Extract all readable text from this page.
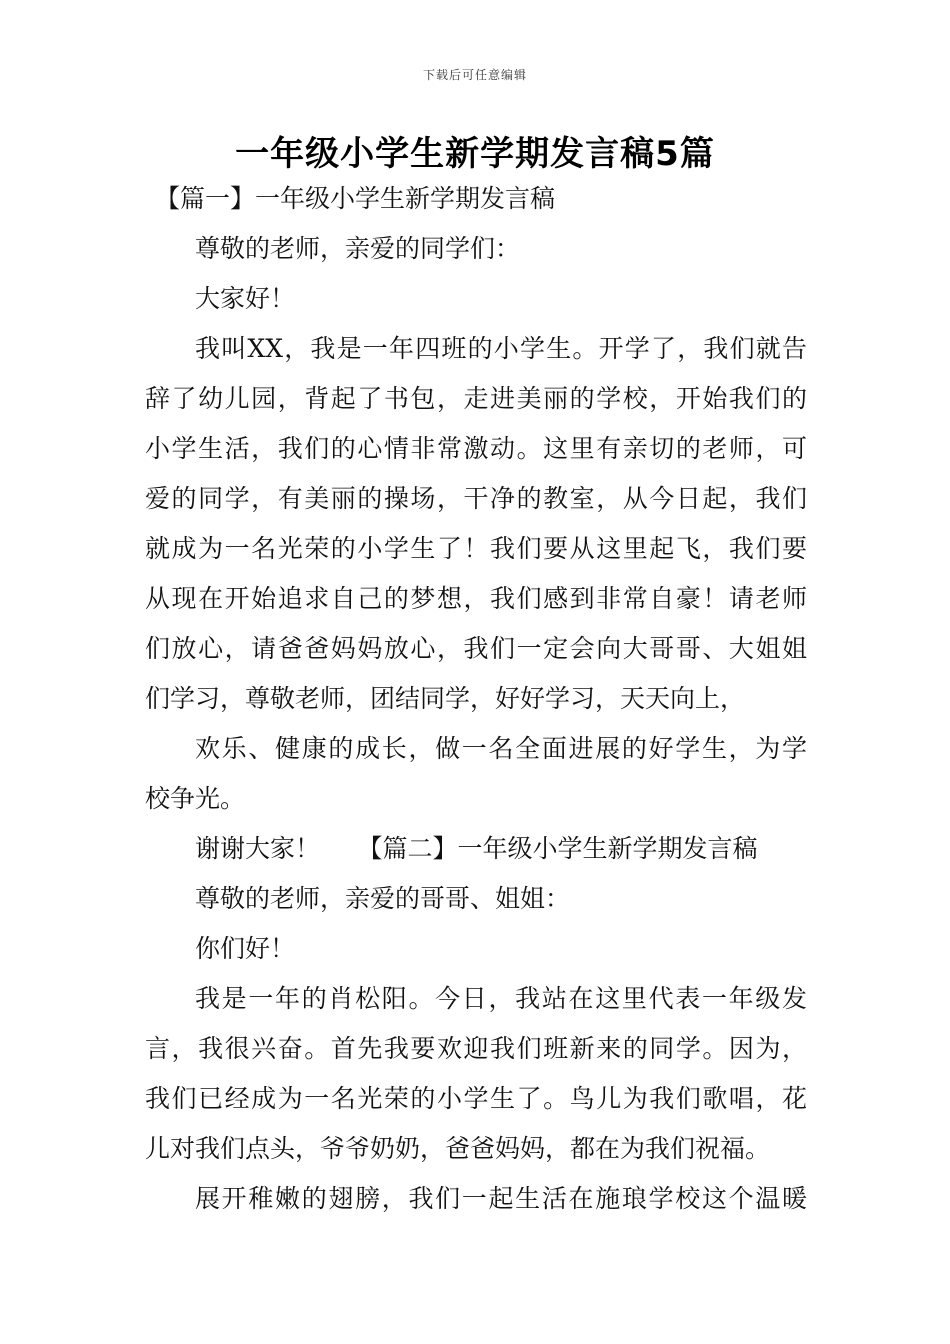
下载后可任意编辑
一年级小学生新学期发言稿5篇
【篇一】一年级小学生新学期发言稿
尊敬的老师，亲爱的同学们：
大家好！
我叫XX，我是一年四班的小学生。开学了，我们就告
辞了幼儿园，背起了书包，走进美丽的学校，开始我们的
小学生活，我们的心情非常激动。这里有亲切的老师，可
爱的同学，有美丽的操场，干净的教室，从今日起，我们
就成为一名光荣的小学生了！我们要从这里起飞，我们要
从现在开始追求自己的梦想，我们感到非常自豪！请老师
们放心，请爸爸妈妈放心，我们一定会向大哥哥、大姐姐
们学习，尊敬老师，团结同学，好好学习，天天向上，
欢乐、健康的成长，做一名全面进展的好学生，为学
校争光。
谢谢大家！　　【篇二】一年级小学生新学期发言稿
尊敬的老师，亲爱的哥哥、姐姐：
你们好！
我是一年的肖松阳。今日，我站在这里代表一年级发
言，我很兴奋。首先我要欢迎我们班新来的同学。因为，
我们已经成为一名光荣的小学生了。鸟儿为我们歌唱，花
儿对我们点头，爷爷奶奶，爸爸妈妈，都在为我们祝福。
展开稚嫩的翅膀，我们一起生活在施琅学校这个温暖
